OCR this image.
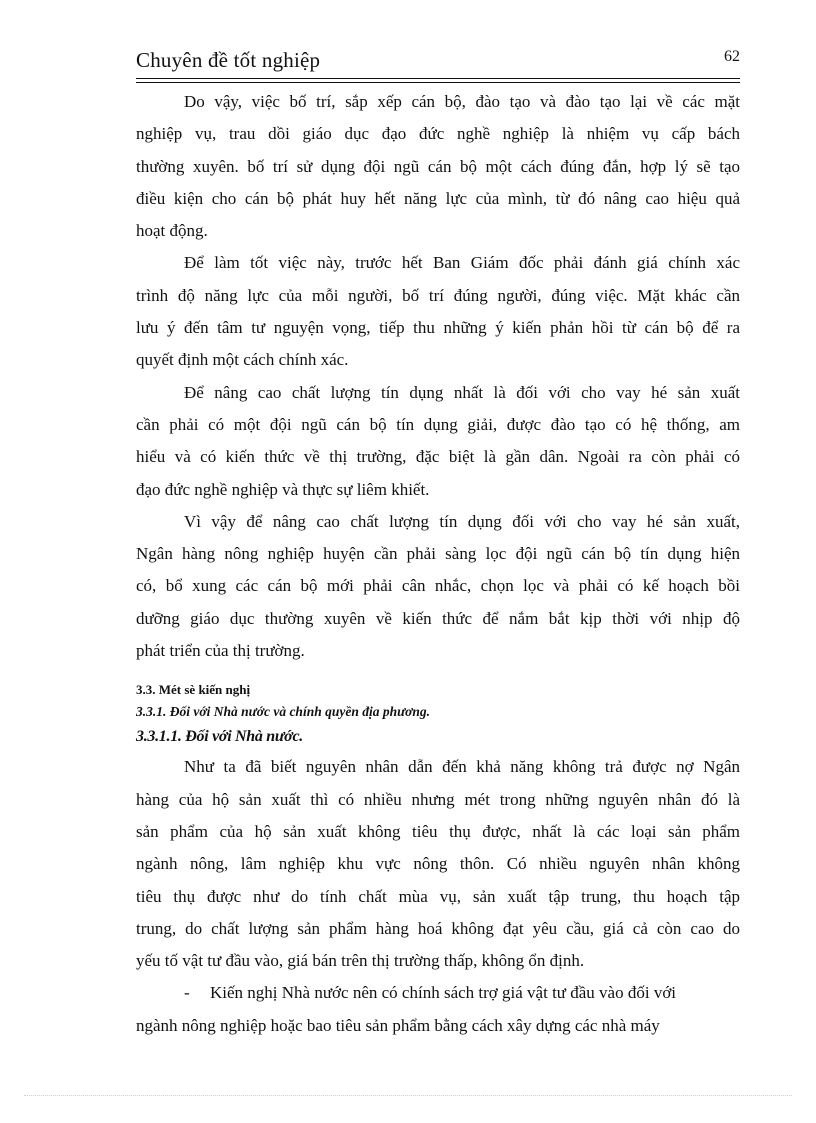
Chuyên đề tốt nghiệp	62
Do vậy, việc bố trí, sắp xếp cán bộ, đào tạo và đào tạo lại về các mặt
nghiệp vụ, trau dồi giáo dục đạo đức nghề nghiệp là nhiệm vụ cấp bách
thường xuyên. bố trí sử dụng đội ngũ cán bộ một cách đúng đắn, hợp lý sẽ tạo
điều kiện cho cán bộ phát huy hết năng lực của mình, từ đó nâng cao hiệu quả
hoạt động.
Để làm tốt việc này, trước hết Ban Giám đốc phải đánh giá chính xác
trình độ năng lực của mỗi người, bố trí đúng người, đúng việc. Mặt khác cần
lưu ý đến tâm tư nguyện vọng, tiếp thu những ý kiến phản hồi từ cán bộ để ra
quyết định một cách chính xác.
Để nâng cao chất lượng tín dụng nhất là đối với cho vay hé sản xuất
cần phải có một đội ngũ cán bộ tín dụng giải, được đào tạo có hệ thống, am
hiểu và có kiến thức về thị trường, đặc biệt là gần dân. Ngoài ra còn phải có
đạo đức nghề nghiệp và thực sự liêm khiết.
Vì vậy để nâng cao chất lượng tín dụng đối với cho vay hé sản xuất,
Ngân hàng nông nghiệp huyện cần phải sàng lọc đội ngũ cán bộ tín dụng hiện
có, bổ xung các cán bộ mới phải cân nhắc, chọn lọc và phải có kế hoạch bồi
dưỡng giáo dục thường xuyên về kiến thức để nắm bắt kịp thời với nhịp độ
phát triển của thị trường.
3.3. Mét sè kiến nghị
3.3.1. Đối với Nhà nước và chính quyền địa phương.
3.3.1.1. Đối với Nhà nước.
Như ta đã biết nguyên nhân dẫn đến khả năng không trả được nợ Ngân
hàng của hộ sản xuất thì có nhiều nhưng mét trong những nguyên nhân đó là
sản phẩm của hộ sản xuất không tiêu thụ được, nhất là các loại sản phẩm
ngành nông, lâm nghiệp khu vực nông thôn. Có nhiều nguyên nhân không
tiêu thụ được như do tính chất mùa vụ, sản xuất tập trung, thu hoạch tập
trung, do chất lượng sản phẩm hàng hoá không đạt yêu cầu, giá cả còn cao do
yếu tố vật tư đầu vào, giá bán trên thị trường thấp, không ổn định.
- Kiến nghị Nhà nước nên có chính sách trợ giá vật tư đầu vào đối với
ngành nông nghiệp hoặc bao tiêu sản phẩm bằng cách xây dựng các nhà máy
